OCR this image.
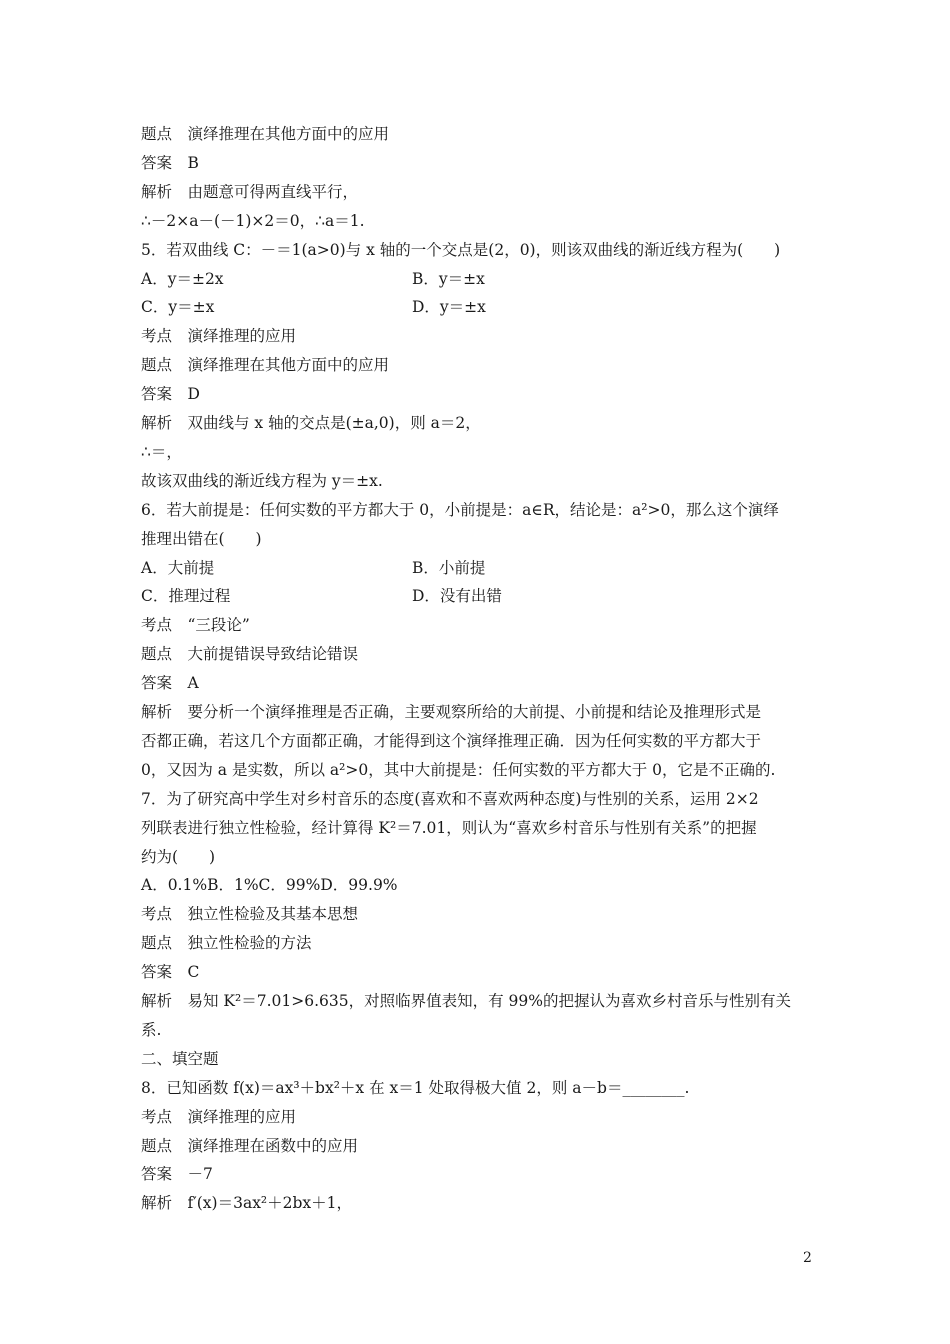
题点　演绎推理在其他方面中的应用
答案　B
解析　由题意可得两直线平行，
∴－2×a－(－1)×2＝0，∴a＝1.
5．若双曲线 C：－＝1(a>0)与 x 轴的一个交点是(2，0)，则该双曲线的渐近线方程为(　　)
A．y＝±2x	B．y＝±x
C．y＝±x	D．y＝±x
考点　演绎推理的应用
题点　演绎推理在其他方面中的应用
答案　D
解析　双曲线与 x 轴的交点是(±a,0)，则 a＝2，
∴＝，
故该双曲线的渐近线方程为 y＝±x.
6．若大前提是：任何实数的平方都大于 0，小前提是：a∈R，结论是：a²>0，那么这个演绎
推理出错在(　　)
A．大前提	B．小前提
C．推理过程	D．没有出错
考点　“三段论”
题点　大前提错误导致结论错误
答案　A
解析　要分析一个演绎推理是否正确，主要观察所给的大前提、小前提和结论及推理形式是
否都正确，若这几个方面都正确，才能得到这个演绎推理正确．因为任何实数的平方都大于
0，又因为 a 是实数，所以 a²>0，其中大前提是：任何实数的平方都大于 0，它是不正确的.
7．为了研究高中学生对乡村音乐的态度(喜欢和不喜欢两种态度)与性别的关系，运用 2×2
列联表进行独立性检验，经计算得 K²＝7.01，则认为“喜欢乡村音乐与性别有关系”的把握
约为(　　)
A．0.1%B．1%C．99%D．99.9%
考点　独立性检验及其基本思想
题点　独立性检验的方法
答案　C
解析　易知 K²＝7.01>6.635，对照临界值表知，有 99%的把握认为喜欢乡村音乐与性别有关
系.
二、填空题
8．已知函数 f(x)＝ax³＋bx²＋x 在 x＝1 处取得极大值 2，则 a－b＝________.
考点　演绎推理的应用
题点　演绎推理在函数中的应用
答案　－7
解析　f′(x)＝3ax²＋2bx＋1，
2
